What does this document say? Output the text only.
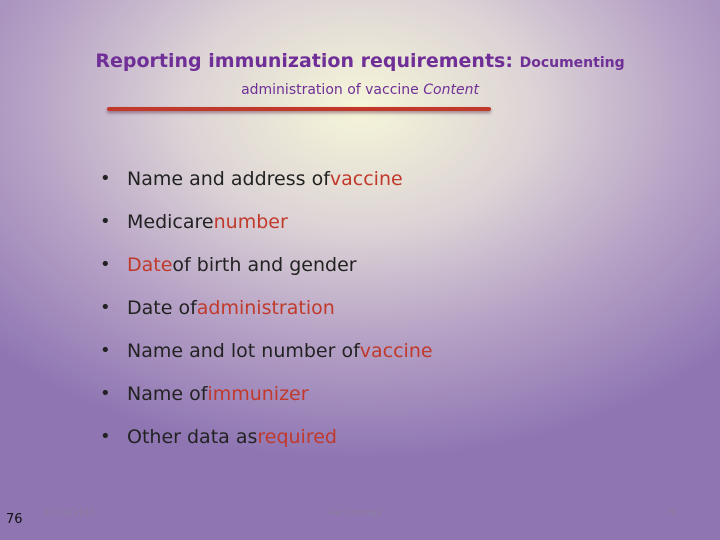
Reporting immunization requirements: Documenting
administration of vaccine Content
• Name and address of vaccine
• Medicare number
• Date of birth and gender
• Date of administration
• Name and lot number of vaccine
• Name of immunizer
• Other data as required
76 10/10/2011	Vaccinology	76
